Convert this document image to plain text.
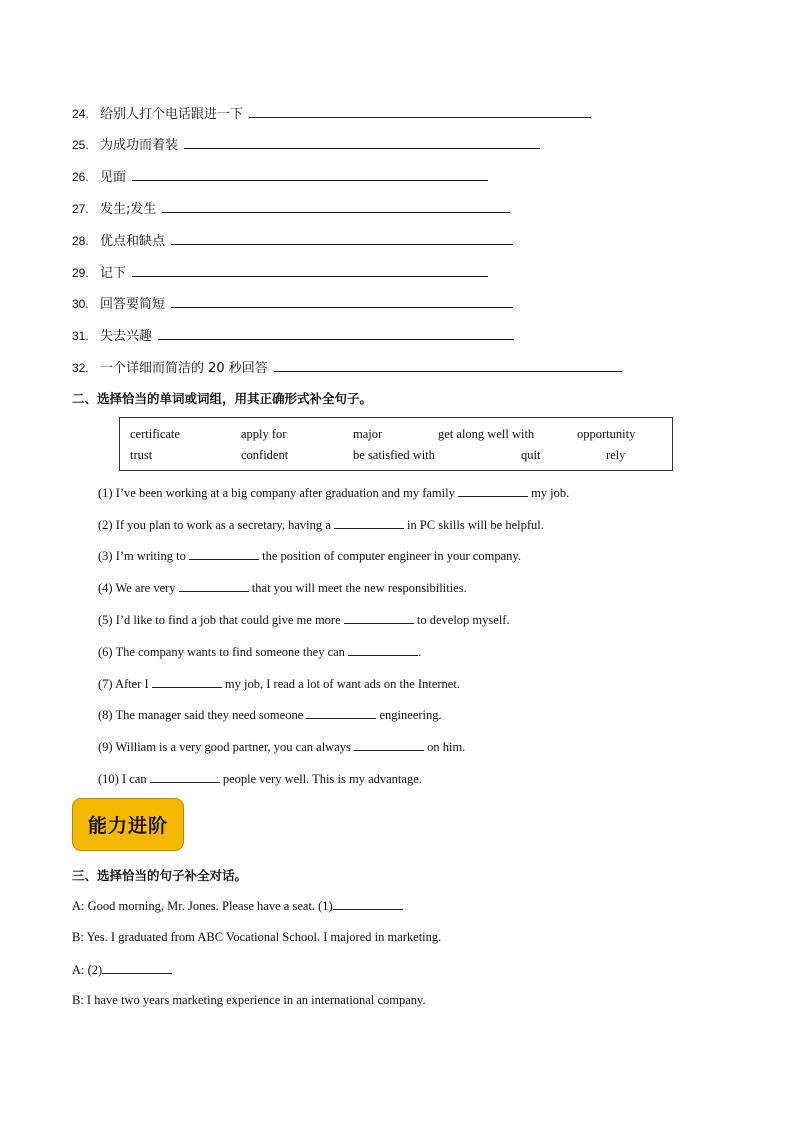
24. 给别人打个电话跟进一下
25. 为成功而着装
26. 见面
27. 发生;发生
28. 优点和缺点
29. 记下
30. 回答要简短
31. 失去兴趣
32. 一个详细而简洁的 20 秒回答
二、选择恰当的单词或词组，用其正确形式补全句子。
certificate	apply for	major	get along well with	opportunity
trust	confident	be satisfied with	quit	rely
(1) I’ve been working at a big company after graduation and my family	my job.
(2) If you plan to work as a secretary, having a	in PC skills will be helpful.
(3) I’m writing to	the position of computer engineer in your company.
(4) We are very	that you will meet the new responsibilities.
(5) I’d like to find a job that could give me more	to develop myself.
(6) The company wants to find someone they can	.
(7) After I	my job, I read a lot of want ads on the Internet.
(8) The manager said they need someone	engineering.
(9) William is a very good partner, you can always	on him.
(10) I can	people very well. This is my advantage.
能力进阶
三、选择恰当的句子补全对话。
A: Good morning, Mr. Jones. Please have a seat. (1)
B: Yes. I graduated from ABC Vocational School. I majored in marketing.
A: (2)
B: I have two years marketing experience in an international company.
